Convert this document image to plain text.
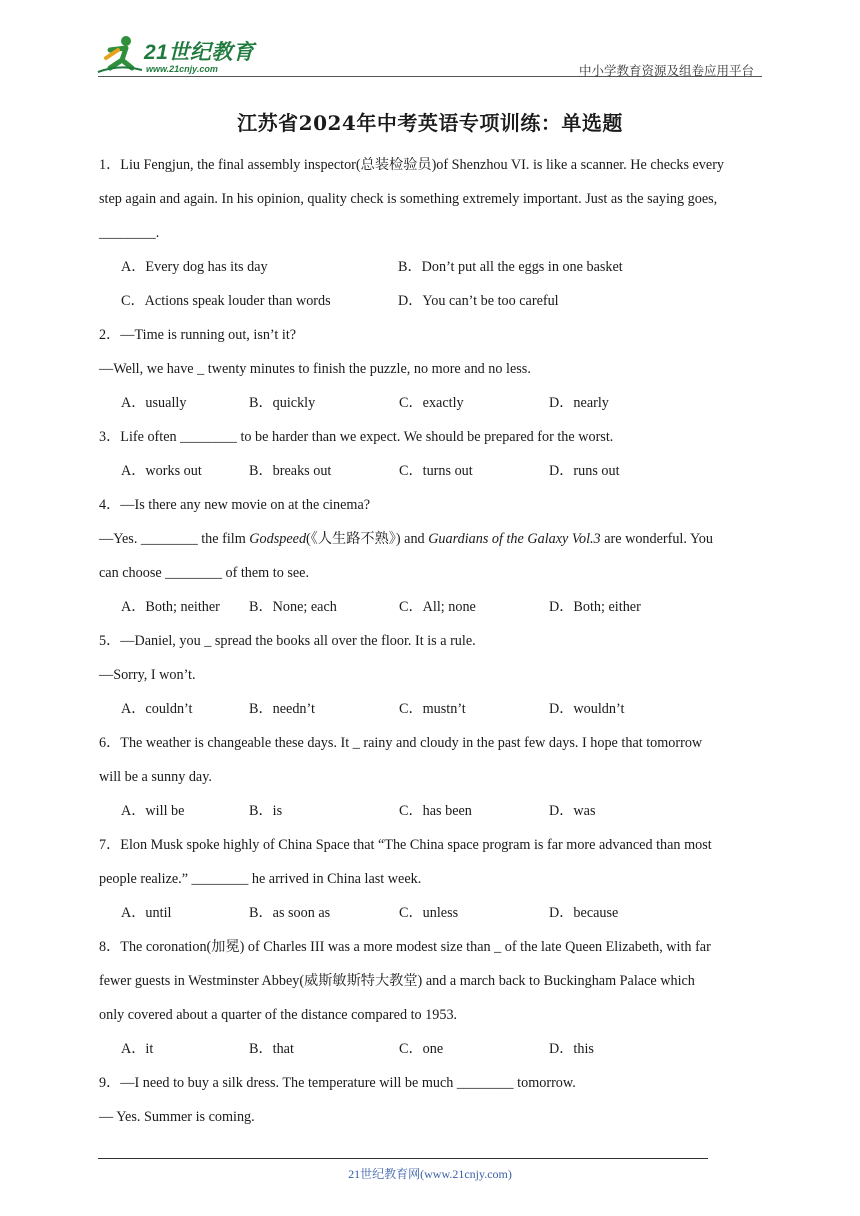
21世纪教育
www.21cnjy.com	中小学教育资源及组卷应用平台
江苏省2024年中考英语专项训练：单选题
1．Liu Fengjun, the final assembly inspector(总装检验员)of Shenzhou VI. is like a scanner. He checks every
step again and again. In his opinion, quality check is something extremely important. Just as the saying goes,
________.
A．Every dog has its day	B．Don’t put all the eggs in one basket
C．Actions speak louder than words	D．You can’t be too careful
2．—Time is running out, isn’t it?
—Well, we have _ twenty minutes to finish the puzzle, no more and no less.
A．usually	B．quickly	C．exactly	D．nearly
3．Life often ________ to be harder than we expect. We should be prepared for the worst.
A．works out	B．breaks out	C．turns out	D．runs out
4．—Is there any new movie on at the cinema?
—Yes. ________ the film Godspeed(《人生路不熟》) and Guardians of the Galaxy Vol.3 are wonderful. You
can choose ________ of them to see.
A．Both; neither	B．None; each	C．All; none	D．Both; either
5．—Daniel, you _ spread the books all over the floor. It is a rule.
—Sorry, I won’t.
A．couldn’t	B．needn’t	C．mustn’t	D．wouldn’t
6．The weather is changeable these days. It _ rainy and cloudy in the past few days. I hope that tomorrow
will be a sunny day.
A．will be	B．is	C．has been	D．was
7．Elon Musk spoke highly of China Space that “The China space program is far more advanced than most
people realize.” ________ he arrived in China last week.
A．until	B．as soon as	C．unless	D．because
8．The coronation(加冕) of Charles III was a more modest size than _ of the late Queen Elizabeth, with far
fewer guests in Westminster Abbey(威斯敏斯特大教堂) and a march back to Buckingham Palace which
only covered about a quarter of the distance compared to 1953.
A．it	B．that	C．one	D．this
9．—I need to buy a silk dress. The temperature will be much ________ tomorrow.
— Yes. Summer is coming.
21世纪教育网(www.21cnjy.com)
